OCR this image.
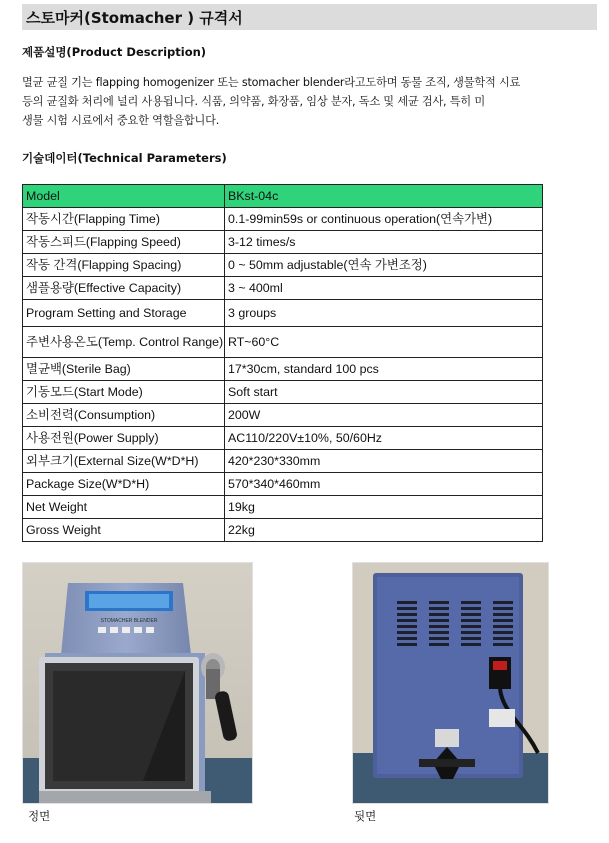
스토마커(Stomacher ) 규격서
제품설명(Product Description)
멸균 균질 기는 flapping homogenizer 또는 stomacher blender라고도하며 동물 조직, 생물학적 시료
등의 균질화 처리에 널리 사용됩니다. 식품, 의약품, 화장품, 임상 분자, 독소 및 세균 검사, 특히 미
생물 시험 시료에서 중요한 역할을합니다.
기술데이터(Technical Parameters)
Model	BKst-04c
작동시간(Flapping Time)	0.1-99min59s or continuous operation(연속가변)
작동스피드(Flapping Speed)	3-12 times/s
작동 간격(Flapping Spacing)	0 ~ 50mm adjustable(연속 가변조정)
샘플용량(Effective Capacity)	3 ~ 400ml
Program Setting and Storage	3 groups
주변사용온도(Temp. Control Range)	RT~60°C
멸균백(Sterile Bag)	17*30cm, standard 100 pcs
기동모드(Start Mode)	Soft start
소비전력(Consumption)	200W
사용전원(Power Supply)	AC110/220V±10%, 50/60Hz
외부크기(External Size(W*D*H)	420*230*330mm
Package Size(W*D*H)	570*340*460mm
Net Weight	19kg
Gross Weight	22kg
STOMACHER BLENDER
정면	뒷면
